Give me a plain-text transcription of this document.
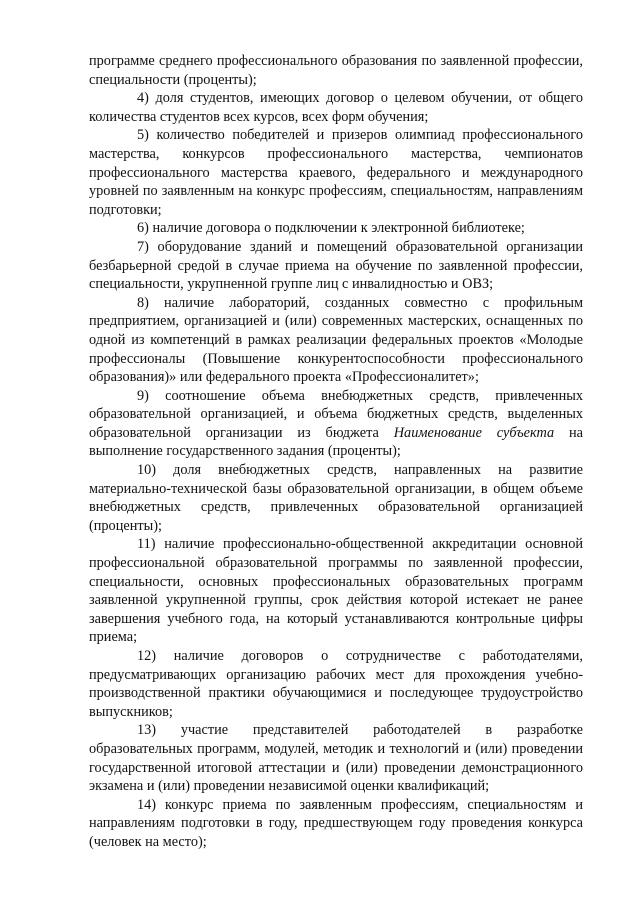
программе среднего профессионального образования по заявленной профессии, специальности (проценты);

4) доля студентов, имеющих договор о целевом обучении, от общего количества студентов всех курсов, всех форм обучения;

5) количество победителей и призеров олимпиад профессионального мастерства, конкурсов профессионального мастерства, чемпионатов профессионального мастерства краевого, федерального и международного уровней по заявленным на конкурс профессиям, специальностям, направлениям подготовки;

6) наличие договора о подключении к электронной библиотеке;

7) оборудование зданий и помещений образовательной организации безбарьерной средой в случае приема на обучение по заявленной профессии, специальности, укрупненной группе лиц с инвалидностью и ОВЗ;

8) наличие лабораторий, созданных совместно с профильным предприятием, организацией и (или) современных мастерских, оснащенных по одной из компетенций в рамках реализации федеральных проектов «Молодые профессионалы (Повышение конкурентоспособности профессионального образования)» или федерального проекта «Профессионалитет»;

9) соотношение объема внебюджетных средств, привлеченных образовательной организацией, и объема бюджетных средств, выделенных образовательной организации из бюджета Наименование субъекта на выполнение государственного задания (проценты);

10) доля внебюджетных средств, направленных на развитие материально-технической базы образовательной организации, в общем объеме внебюджетных средств, привлеченных образовательной организацией (проценты);

11) наличие профессионально-общественной аккредитации основной профессиональной образовательной программы по заявленной профессии, специальности, основных профессиональных образовательных программ заявленной укрупненной группы, срок действия которой истекает не ранее завершения учебного года, на который устанавливаются контрольные цифры приема;

12) наличие договоров о сотрудничестве с работодателями, предусматривающих организацию рабочих мест для прохождения учебно-производственной практики обучающимися и последующее трудоустройство выпускников;

13) участие представителей работодателей в разработке образовательных программ, модулей, методик и технологий и (или) проведении государственной итоговой аттестации и (или) проведении демонстрационного экзамена и (или) проведении независимой оценки квалификаций;

14) конкурс приема по заявленным профессиям, специальностям и направлениям подготовки в году, предшествующем году проведения конкурса (человек на место);
